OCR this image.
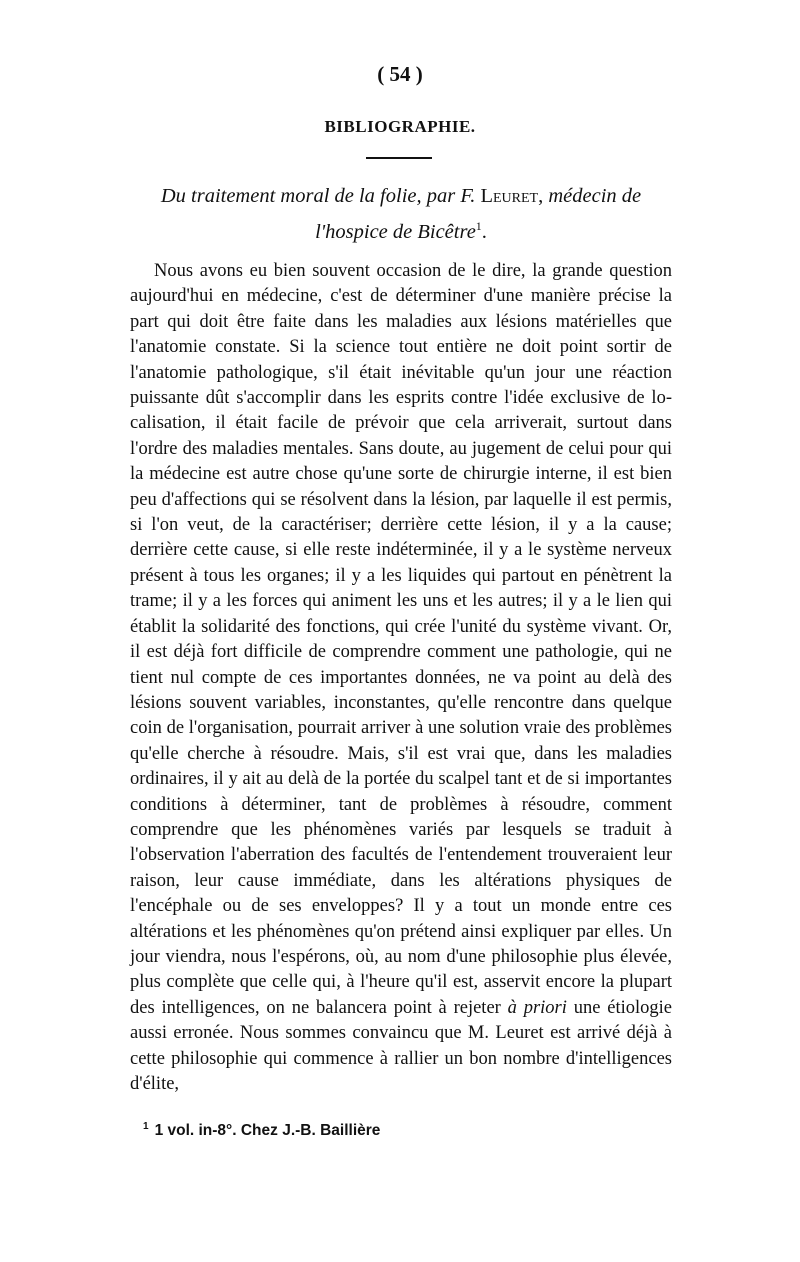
( 54 )
BIBLIOGRAPHIE.
Du traitement moral de la folie, par F. Leuret, médecin de l'hospice de Bicêtre$^1$.

Nous avons eu bien souvent occasion de le dire, la grande question aujourd'hui en médecine, c'est de déterminer d'une manière précise la part qui doit être faite dans les maladies aux lésions matérielles que l'anatomie constate. Si la science tout entière ne doit point sortir de l'anatomie pathologique, s'il était inévitable qu'un jour une réaction puissante dût s'accomplir dans les esprits contre l'idée exclusive de localisation, il était facile de prévoir que cela arriverait, surtout dans l'ordre des maladies mentales. Sans doute, au jugement de celui pour qui la médecine est autre chose qu'une sorte de chirurgie interne, il est bien peu d'affections qui se résolvent dans la lésion, par laquelle il est permis, si l'on veut, de la caractériser; derrière cette lésion, il y a la cause; derrière cette cause, si elle reste indéterminée, il y a le système nerveux présent à tous les organes; il y a les liquides qui partout en pénètrent la trame; il y a les forces qui animent les uns et les autres; il y a le lien qui établit la solidarité des fonctions, qui crée l'unité du système vivant. Or, il est déjà fort difficile de comprendre comment une pathologie, qui ne tient nul compte de ces importantes données, ne va point au delà des lésions souvent variables, inconstantes, qu'elle rencontre dans quelque coin de l'organisation, pourrait arriver à une solution vraie des problèmes qu'elle cherche à résoudre. Mais, s'il est vrai que, dans les maladies ordinaires, il y ait au delà de la portée du scalpel tant et de si importantes conditions à déterminer, tant de problèmes à résoudre, comment comprendre que les phénomènes variés par lesquels se traduit à l'observation l'aberration des facultés de l'entendement trouveraient leur raison, leur cause immédiate, dans les altérations physiques de l'encéphale ou de ses enveloppes? Il y a tout un monde entre ces altérations et les phénomènes qu'on prétend ainsi expliquer par elles. Un jour viendra, nous l'espérons, où, au nom d'une philosophie plus élevée, plus complète que celle qui, à l'heure qu'il est, asservit encore la plupart des intelligences, on ne balancera point à rejeter à priori une étiologie aussi erronée. Nous sommes convaincu que M. Leuret est arrivé déjà à cette philosophie qui commence à rallier un bon nombre d'intelligences d'élite,

$^1$ 1 vol. in-8°. Chez J.-B. Baillière
